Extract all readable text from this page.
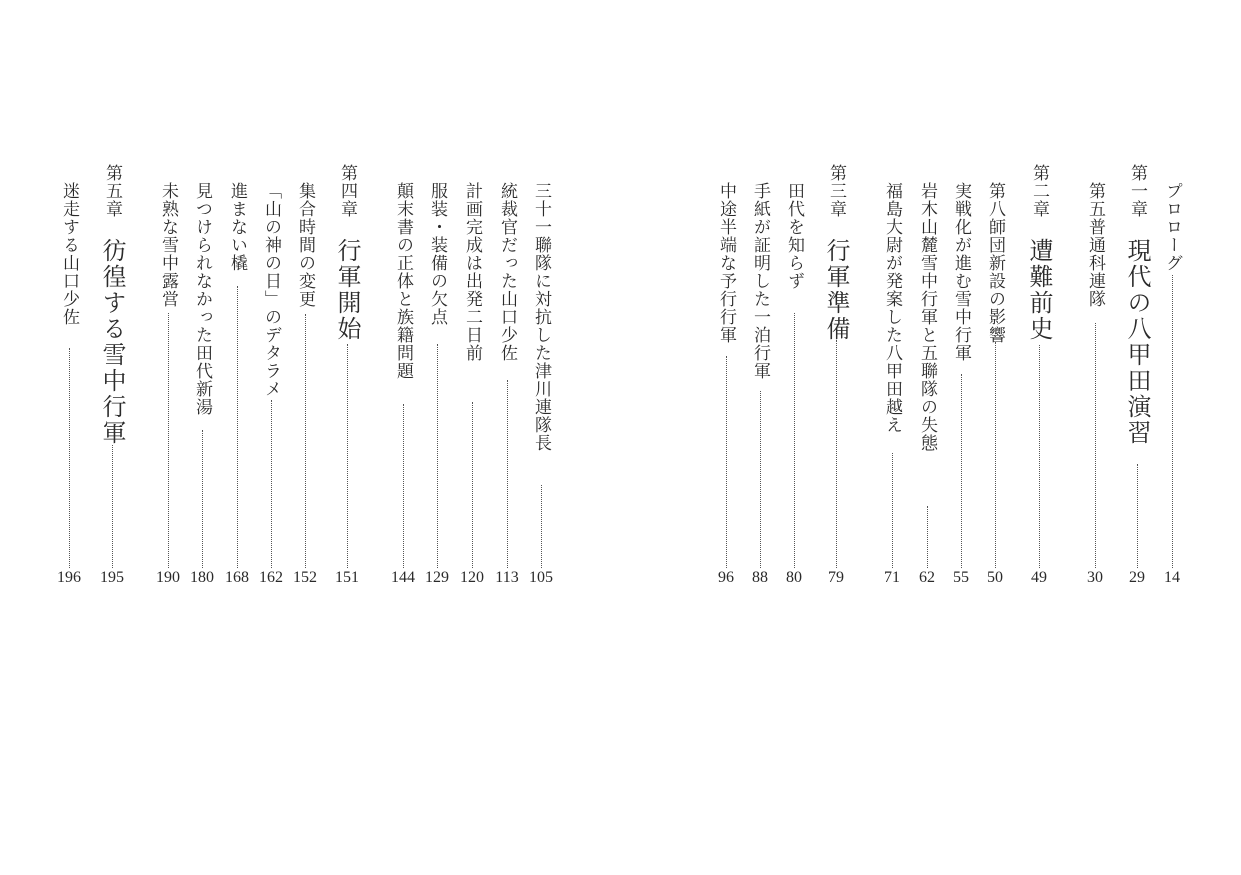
プロローグ
14
第一章現代の八甲田演習
29
第五普通科連隊
30
第二章遭難前史
49
第八師団新設の影響
50
実戦化が進む雪中行軍
55
岩木山麓雪中行軍と五聯隊の失態
62
福島大尉が発案した八甲田越え
71
第三章行軍準備
79
田代を知らず
80
手紙が証明した一泊行軍
88
中途半端な予行行軍
96
三十一聯隊に対抗した津川連隊長
105
統裁官だった山口少佐
113
計画完成は出発二日前
120
服装・装備の欠点
129
顛末書の正体と族籍問題
144
第四章行軍開始
151
集合時間の変更
152
「山の神の日」のデタラメ
162
進まない橇
168
見つけられなかった田代新湯
180
未熟な雪中露営
190
第五章彷徨する雪中行軍
195
迷走する山口少佐
196
